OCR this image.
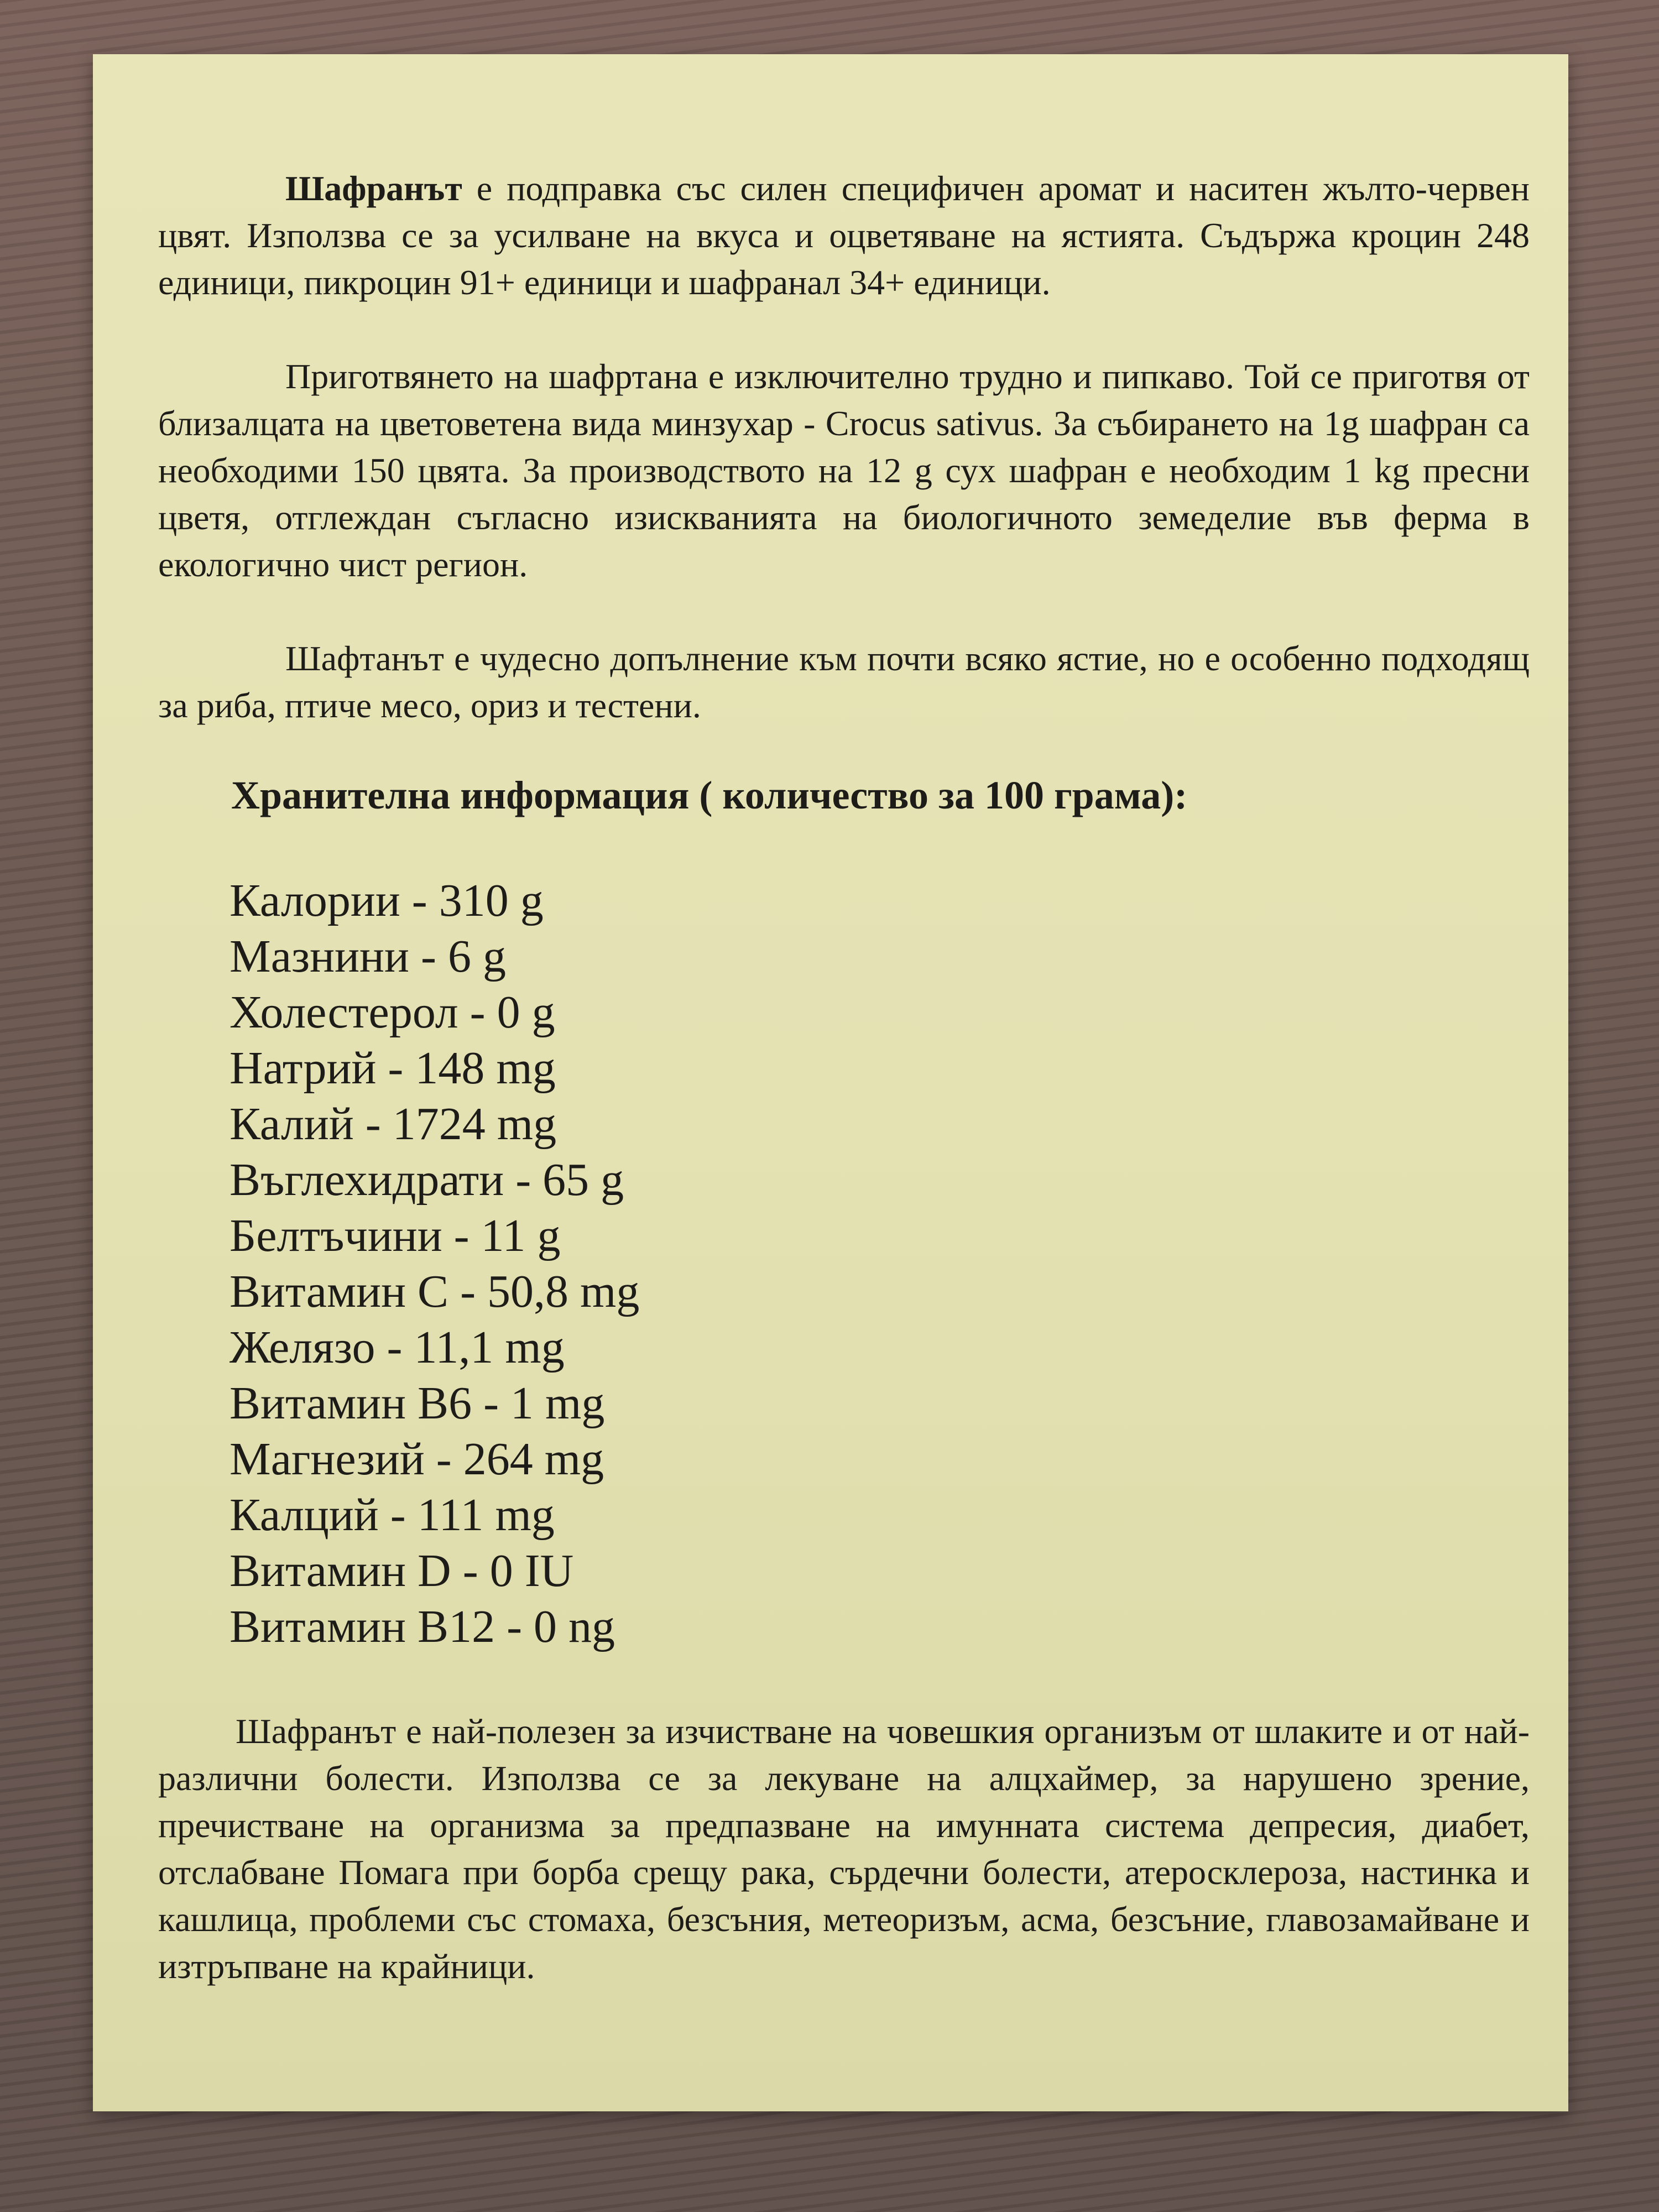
Шафранът е подправка със силен специфичен аромат и наситен жълто-червен цвят. Използва се за усилване на вкуса и оцветяване на ястията. Съдържа кроцин 248 единици, пикроцин 91+ единици и шафранал 34+ единици.

Приготвянето на шафртана е изключително трудно и пипкаво. Той се приготвя от близалцата на цветоветена вида минзухар - Crocus sativus. За събирането на 1g шафран са необходими 150 цвята. За производството на 12 g сух шафран е необходим 1 kg пресни цветя, отглеждан съгласно изискванията на биологичното земеделие във ферма в екологично чист регион.

Шафтанът е чудесно допълнение към почти всяко ястие, но е особенно подходящ за риба, птиче месо, ориз и тестени.

Хранителна информация ( количество за 100 грама):
Калории - 310 g
Мазнини - 6 g
Холестерол - 0 g
Натрий - 148 mg
Калий - 1724 mg
Въглехидрати - 65 g
Белтъчини - 11 g
Витамин C - 50,8 mg
Желязо - 11,1 mg
Витамин B6 - 1 mg
Магнезий - 264 mg
Калций - 111 mg
Витамин D - 0 IU
Витамин B12 - 0 ng

Шафранът е най-полезен за изчистване на човешкия организъм от шлаките и от най-различни болести. Използва се за лекуване на алцхаймер, за нарушено зрение, пречистване на организма за предпазване на имунната система депресия, диабет, отслабване Помага при борба срещу рака, сърдечни болести, атеросклероза, настинка и кашлица, проблеми със стомаха, безсъния, метеоризъм, асма, безсъние, главозамайване и изтръпване на крайници.
